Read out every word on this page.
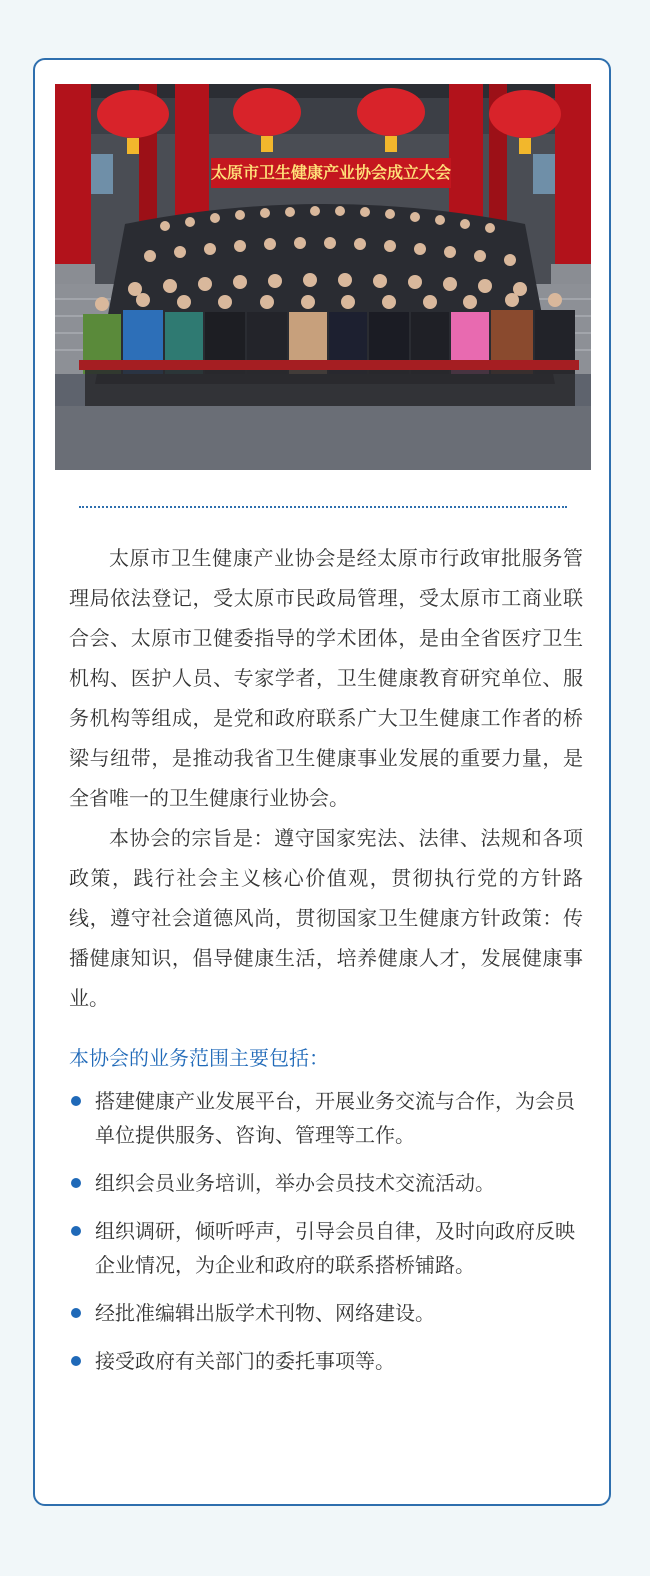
太原市卫生健康产业协会成立大会

太原市卫生健康产业协会是经太原市行政审批服务管理局依法登记，受太原市民政局管理，受太原市工商业联合会、太原市卫健委指导的学术团体，是由全省医疗卫生机构、医护人员、专家学者，卫生健康教育研究单位、服务机构等组成，是党和政府联系广大卫生健康工作者的桥梁与纽带，是推动我省卫生健康事业发展的重要力量，是全省唯一的卫生健康行业协会。

本协会的宗旨是：遵守国家宪法、法律、法规和各项政策，践行社会主义核心价值观，贯彻执行党的方针路线，遵守社会道德风尚，贯彻国家卫生健康方针政策：传播健康知识，倡导健康生活，培养健康人才，发展健康事业。

本协会的业务范围主要包括：
搭建健康产业发展平台，开展业务交流与合作，为会员单位提供服务、咨询、管理等工作。
组织会员业务培训，举办会员技术交流活动。
组织调研，倾听呼声，引导会员自律，及时向政府反映企业情况，为企业和政府的联系搭桥铺路。
经批准编辑出版学术刊物、网络建设。
接受政府有关部门的委托事项等。
